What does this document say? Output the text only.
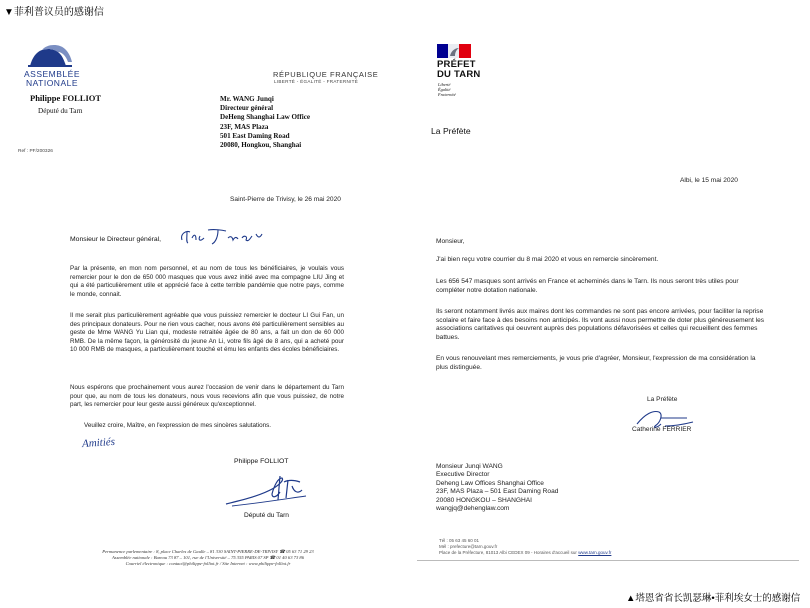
▼菲利普议员的感谢信
▲塔恩省省长凯瑟琳•菲利埃女士的感谢信
ASSEMBLÉE
NATIONALE
RÉPUBLIQUE FRANÇAISE
LIBERTÉ - ÉGALITÉ - FRATERNITÉ
Philippe FOLLIOT
Député du Tarn
Ref : PF/200326
Mr. WANG Junqi
Directeur général
DeHeng Shanghai Law Office
23F, MAS Plaza
501 East Daming Road
20080, Hongkou, Shanghai
Saint-Pierre de Trivisy, le 26 mai 2020
Monsieur le Directeur général,
Par la présente, en mon nom personnel, et au nom de tous les bénéficiaires, je voulais vous remercier pour le don de 650 000 masques que vous avez initié avec ma compagne LIU Jing et qui a été particulièrement utile et apprécié face à cette terrible pandémie que notre pays, comme le monde, connait.
Il me serait plus particulièrement agréable que vous puissiez remercier le docteur LI Gui Fan, un des principaux donateurs. Pour ne rien vous cacher, nous avons été particulièrement sensibles au geste de Mme WANG Yu Lian qui, modeste retraitée âgée de 80 ans, a fait un don de 60 000 RMB. De la même façon, la générosité du jeune An Li, votre fils âgé de 8 ans, qui a acheté pour 10 000 RMB de masques, a particulièrement touché et ému les enfants des écoles bénéficiaires.
Nous espérons que prochainement vous aurez l'occasion de venir dans le département du Tarn pour que, au nom de tous les donateurs, nous vous recevions afin que vous puissiez, de notre part, les remercier pour leur geste aussi généreux qu'exceptionnel.
Veuillez croire, Maître, en l'expression de mes sincères salutations.
Amitiés
Philippe FOLLIOT
Député du Tarn
Permanence parlementaire : 8, place Charles de Gaulle – 81 330 SAINT-PIERRE-DE-TRIVISY ☎ 05 63 71 29 23
Assemblée nationale : Bureau 73 87 – 101, rue de l'Université – 75 355 PARIS 07 SP ☎ 01 40 63 73 86
Courriel électronique : contact@philippe-folliot.fr / Site Internet : www.philippe-folliot.fr
PRÉFET
DU TARN
Liberté
Égalité
Fraternité
La Préfète
Albi, le 15 mai 2020
Monsieur,
J'ai bien reçu votre courrier du 8 mai 2020 et vous en remercie sincèrement.
Les 656 547 masques sont arrivés en France et acheminés dans le Tarn. Ils nous seront très utiles pour compléter notre dotation nationale.
Ils seront notamment livrés aux maires dont les commandes ne sont pas encore arrivées, pour faciliter la reprise scolaire et faire face à des besoins non anticipés. Ils vont aussi nous permettre de doter plus généreusement les associations caritatives qui oeuvrent auprès des populations défavorisées et celles qui recueillent des femmes battues.
En vous renouvelant mes remerciements, je vous prie d'agréer, Monsieur, l'expression de ma considération la plus distinguée.
La Préfète
Catherine FERRIER
Monsieur Junqi WANG
Executive Director
Deheng Law Offices Shanghai Office
23F, MAS Plaza – 501 East Daming Road
20080 HONGKOU – SHANGHAI
wangjq@dehenglaw.com
Tél : 05 63 45 60 01
Mél : prefecture@tarn.gouv.fr
Place de la Préfecture, 81013 Albi CEDEX 09 - Horaires d'accueil sur www.tarn.gouv.fr
